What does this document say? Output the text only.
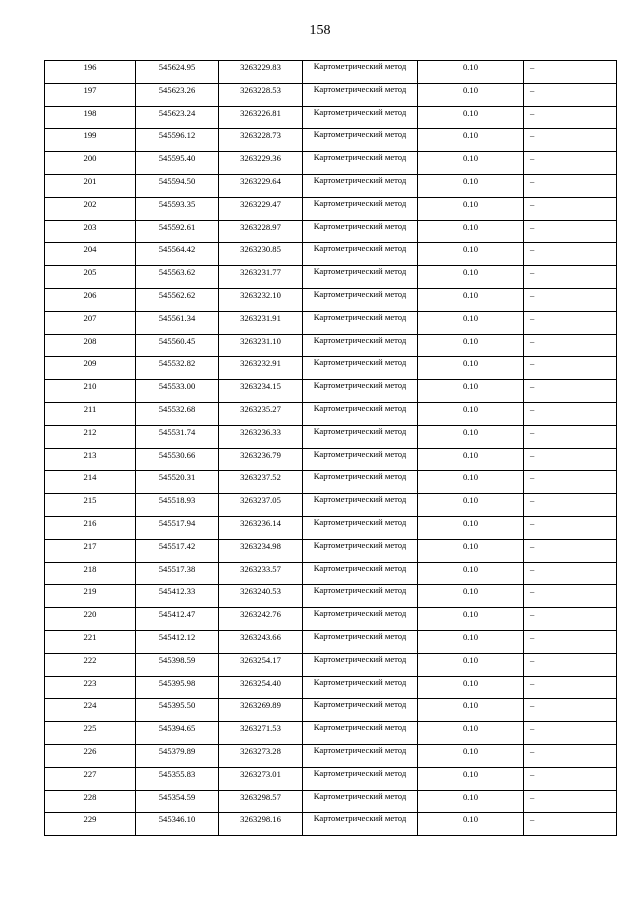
158
196	545624.95	3263229.83	Картометрический метод	0.10	–

197	545623.26	3263228.53	Картометрический метод	0.10	–

198	545623.24	3263226.81	Картометрический метод	0.10	–

199	545596.12	3263228.73	Картометрический метод	0.10	–

200	545595.40	3263229.36	Картометрический метод	0.10	–

201	545594.50	3263229.64	Картометрический метод	0.10	–

202	545593.35	3263229.47	Картометрический метод	0.10	–

203	545592.61	3263228.97	Картометрический метод	0.10	–

204	545564.42	3263230.85	Картометрический метод	0.10	–

205	545563.62	3263231.77	Картометрический метод	0.10	–

206	545562.62	3263232.10	Картометрический метод	0.10	–

207	545561.34	3263231.91	Картометрический метод	0.10	–

208	545560.45	3263231.10	Картометрический метод	0.10	–

209	545532.82	3263232.91	Картометрический метод	0.10	–

210	545533.00	3263234.15	Картометрический метод	0.10	–

211	545532.68	3263235.27	Картометрический метод	0.10	–

212	545531.74	3263236.33	Картометрический метод	0.10	–

213	545530.66	3263236.79	Картометрический метод	0.10	–

214	545520.31	3263237.52	Картометрический метод	0.10	–

215	545518.93	3263237.05	Картометрический метод	0.10	–

216	545517.94	3263236.14	Картометрический метод	0.10	–

217	545517.42	3263234.98	Картометрический метод	0.10	–

218	545517.38	3263233.57	Картометрический метод	0.10	–

219	545412.33	3263240.53	Картометрический метод	0.10	–

220	545412.47	3263242.76	Картометрический метод	0.10	–

221	545412.12	3263243.66	Картометрический метод	0.10	–

222	545398.59	3263254.17	Картометрический метод	0.10	–

223	545395.98	3263254.40	Картометрический метод	0.10	–

224	545395.50	3263269.89	Картометрический метод	0.10	–

225	545394.65	3263271.53	Картометрический метод	0.10	–

226	545379.89	3263273.28	Картометрический метод	0.10	–

227	545355.83	3263273.01	Картометрический метод	0.10	–

228	545354.59	3263298.57	Картометрический метод	0.10	–

229	545346.10	3263298.16	Картометрический метод	0.10	–
